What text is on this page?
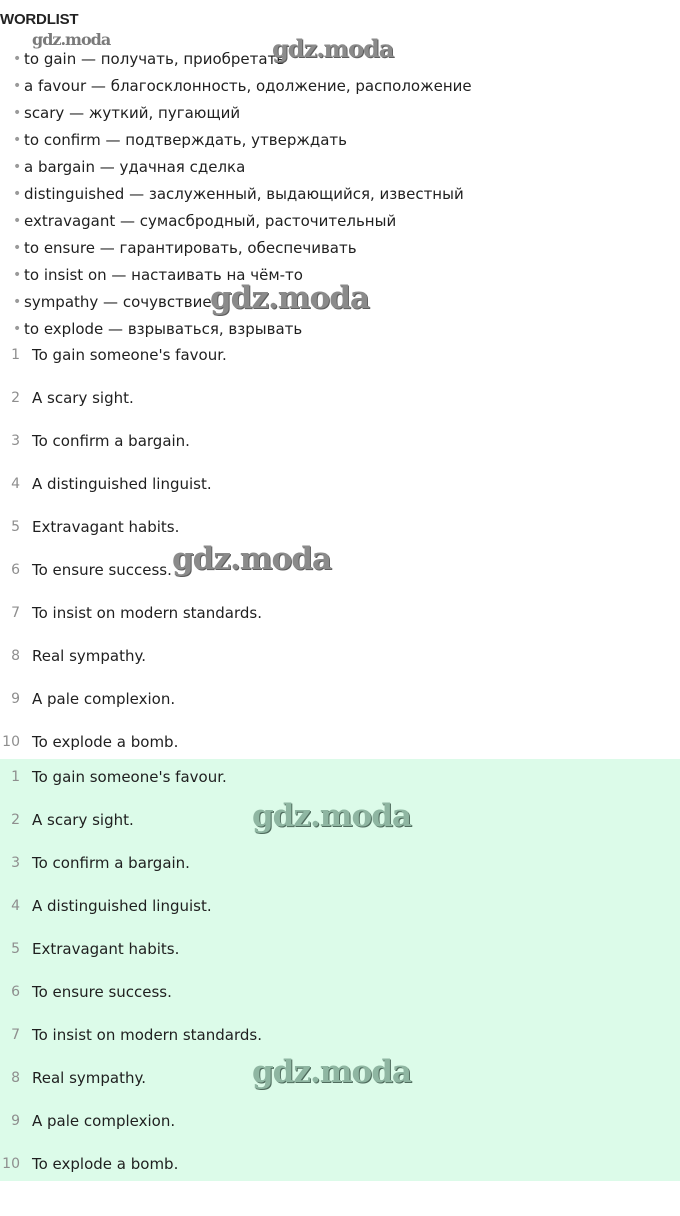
WORDLIST
• to gain — получать, приобретать
• a favour — благосклонность, одолжение, расположение
• scary — жуткий, пугающий
• to confirm — подтверждать, утверждать
• a bargain — удачная сделка
• distinguished — заслуженный, выдающийся, известный
• extravagant — сумасбродный, расточительный
• to ensure — гарантировать, обеспечивать
• to insist on — настаивать на чём-то
• sympathy — сочувствие
• to explode — взрываться, взрывать
1 To gain someone's favour.
2 A scary sight.
3 To confirm a bargain.
4 A distinguished linguist.
5 Extravagant habits.
6 To ensure success.
7 To insist on modern standards.
8 Real sympathy.
9 A pale complexion.
10 To explode a bomb.
1 To gain someone's favour.
2 A scary sight.
3 To confirm a bargain.
4 A distinguished linguist.
5 Extravagant habits.
6 To ensure success.
7 To insist on modern standards.
8 Real sympathy.
9 A pale complexion.
10 To explode a bomb.
gdz.moda	gdz.moda
gdz.moda
gdz.moda
gdz.moda
gdz.moda
